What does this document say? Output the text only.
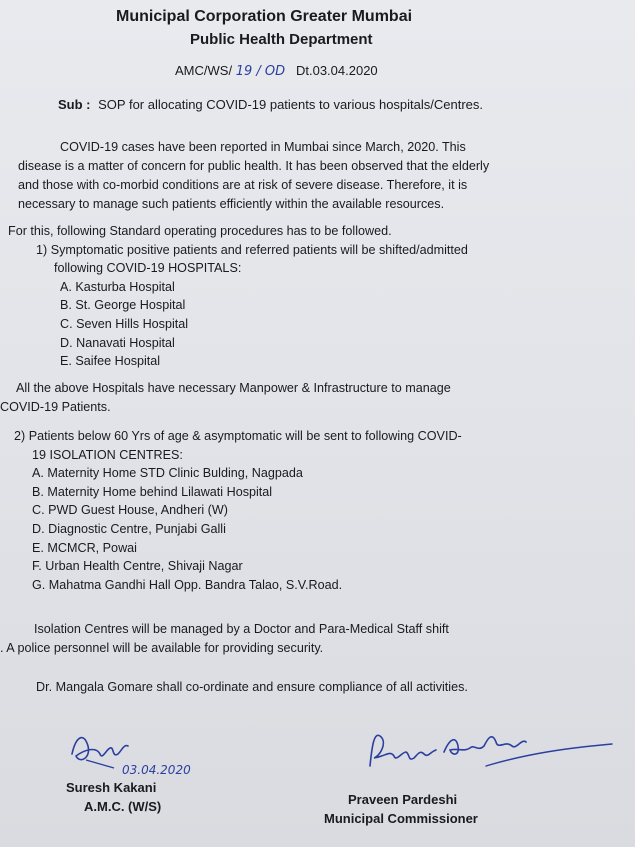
Municipal Corporation Greater Mumbai
Public Health Department
AMC/WS/ 19 / OD Dt.03.04.2020
Sub : SOP for allocating COVID-19 patients to various hospitals/Centres.
COVID-19 cases have been reported in Mumbai since March, 2020. This
disease is a matter of concern for public health. It has been observed that the elderly
and those with co-morbid conditions are at risk of severe disease. Therefore, it is
necessary to manage such patients efficiently within the available resources.
For this, following Standard operating procedures has to be followed.
1) Symptomatic positive patients and referred patients will be shifted/admitted
following COVID-19 HOSPITALS:
A. Kasturba Hospital
B. St. George Hospital
C. Seven Hills Hospital
D. Nanavati Hospital
E. Saifee Hospital
All the above Hospitals have necessary Manpower & Infrastructure to manage
COVID-19 Patients.
2) Patients below 60 Yrs of age & asymptomatic will be sent to following COVID-
19 ISOLATION CENTRES:
A. Maternity Home STD Clinic Bulding, Nagpada
B. Maternity Home behind Lilawati Hospital
C. PWD Guest House, Andheri (W)
D. Diagnostic Centre, Punjabi Galli
E. MCMCR, Powai
F. Urban Health Centre, Shivaji Nagar
G. Mahatma Gandhi Hall Opp. Bandra Talao, S.V.Road.
Isolation Centres will be managed by a Doctor and Para-Medical Staff shift
. A police personnel will be available for providing security.
Dr. Mangala Gomare shall co-ordinate and ensure compliance of all activities.
03.04.2020
Suresh Kakani
A.M.C. (W/S)	Praveen Pardeshi
Municipal Commissioner
